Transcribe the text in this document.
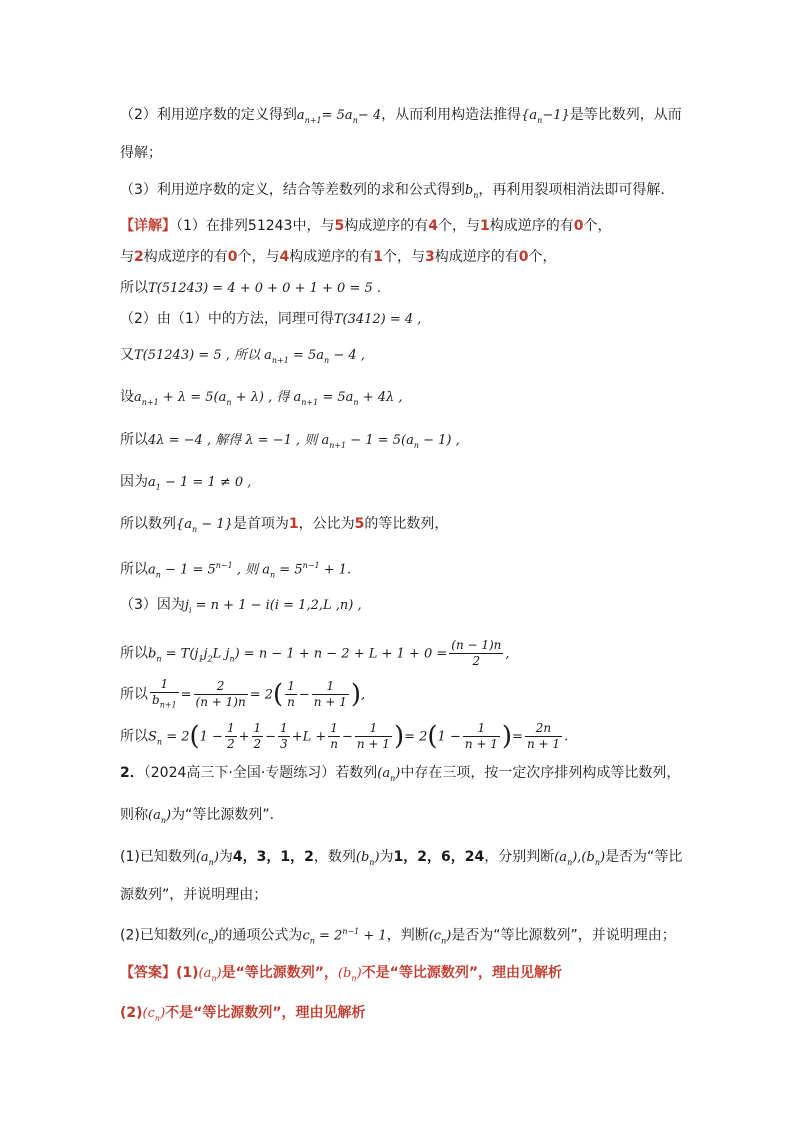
（2）利用逆序数的定义得到$a_{n+1}= 5a_n- 4$，从而利用构造法推得$\{a_n-1\}$是等比数列，从而
得解；
（3）利用逆序数的定义，结合等差数列的求和公式得到$b_n$，再利用裂项相消法即可得解.
【详解】（1）在排列51243中，与5构成逆序的有4个，与1构成逆序的有0个，
与2构成逆序的有0个，与4构成逆序的有1个，与3构成逆序的有0个，
所以T(51243) = 4 + 0 + 0 + 1 + 0 = 5 .
（2）由（1）中的方法，同理可得T(3412) = 4 ,
又T(51243) = 5 , 所以 $a_{n+1} = 5a_n - 4$ ,
设$a_{n+1} + \lambda = 5(a_n + \lambda)$ , 得 $a_{n+1} = 5a_n + 4\lambda$ ,
所以4λ = −4 , 解得 λ = −1 , 则 $a_{n+1} - 1 = 5(a_n - 1)$ ,
因为$a_1 - 1 = 1 \ne 0$ ,
所以数列$\{a_n - 1\}$是首项为1，公比为5的等比数列，
所以$a_n - 1 = 5^{n-1}$ , 则 $a_n = 5^{n-1} + 1$.
（3）因为$j_i = n + 1 - i(i = 1,2,L$ ,n) ,
所以$b_n = T(j_1j_2L$ $j_n) = n - 1 + n - 2 + L + 1 + 0 = \frac{(n - 1)n}{2}$ ,
所以 $\frac{1}{b_{n+1}} = \frac{2}{(n + 1)n} = 2( \frac{1}{n} - \frac{1}{n + 1}$ ),
所以$S_n = 2(1 - \frac{1}{2} + \frac{1}{2} - \frac{1}{3} +L + \frac{1}{n} - \frac{1}{n + 1}$ )= $2(1 - \frac{1}{n + 1}$ )= $\frac{2n}{n + 1}$ .
2．（2024高三下·全国·专题练习）若数列$(a_n)$中存在三项，按一定次序排列构成等比数列，
则称$(a_n)$为“等比源数列”.
(1)已知数列$(a_n)$为4，3，1，2，数列$(b_n)$为1，2，6，24，分别判断$(a_n),(b_n)$是否为“等比
源数列”，并说明理由；
(2)已知数列$(c_n)$的通项公式为$c_n = 2^{n-1} + 1$，判断$(c_n)$是否为“等比源数列”，并说明理由；
【答案】$(1)(a_n)$是“等比源数列”，$(b_n)$不是“等比源数列”，理由见解析
$(2)(c_n)$不是“等比源数列”，理由见解析
